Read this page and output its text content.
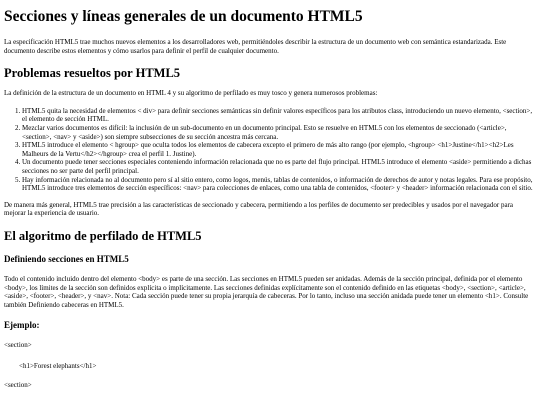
Secciones y líneas generales de un documento HTML5

La especificación HTML5 trae muchos nuevos elementos a los desarrolladores web, permitiéndoles describir la estructura de un documento web con semántica estandarizada. Este documento describe estos elementos y cómo usarlos para definir el perfil de cualquier documento.

Problemas resueltos por HTML5

La definición de la estructura de un documento en HTML 4 y su algoritmo de perfilado es muy tosco y genera numerosos problemas:

1. HTML5 quita la necesidad de elementos < div> para definir secciones semánticas sin definir valores específicos para los atributos class, introduciendo un nuevo elemento, <section>, el elemento de sección HTML.
2. Mezclar varios documentos es difícil: la inclusión de un sub-documento en un documento principal. Esto se resuelve en HTML5 con los elementos de seccionado (<article>, <section>, <nav> y <aside>) son siempre subsecciones de su sección ancestra más cercana.
3. HTML5 introduce el elemento < hgroup> que oculta todos los elementos de cabecera excepto el primero de más alto rango (por ejemplo, <hgroup> <h1>Justine</h1><h2>Les Malheurs de la Vertu</h2></hgroup> crea el perfil 1. Justine).
4. Un documento puede tener secciones especiales conteniendo información relacionada que no es parte del flujo principal. HTML5 introduce el elemento <aside> permitiendo a dichas secciones no ser parte del perfil principal.
5. Hay información relacionada no al documento pero sí al sitio entero, como logos, menús, tablas de contenidos, o información de derechos de autor y notas legales. Para ese propósito, HTML5 introduce tres elementos de sección específicos: <nav> para colecciones de enlaces, como una tabla de contenidos, <footer> y <header> información relacionada con el sitio.

De manera más general, HTML5 trae precisión a las características de seccionado y cabecera, permitiendo a los perfiles de documento ser predecibles y usados por el navegador para mejorar la experiencia de usuario.

El algoritmo de perfilado de HTML5
Definiendo secciones en HTML5

Todo el contenido incluido dentro del elemento <body> es parte de una sección. Las secciones en HTML5 pueden ser anidadas. Además de la sección principal, definida por el elemento <body>, los límites de la sección son definidos explícita o implícitamente. Las secciones definidas explícitamente son el contenido definido en las etiquetas <body>, <section>, <article>, <aside>, <footer>, <header>, y <nav>. Nota: Cada sección puede tener su propia jerarquía de cabeceras. Por lo tanto, incluso una sección anidada puede tener un elemento <h1>. Consulte también Definiendo cabeceras en HTML5.

Ejemplo:

<section>

<h1>Forest elephants</h1>

<section>
